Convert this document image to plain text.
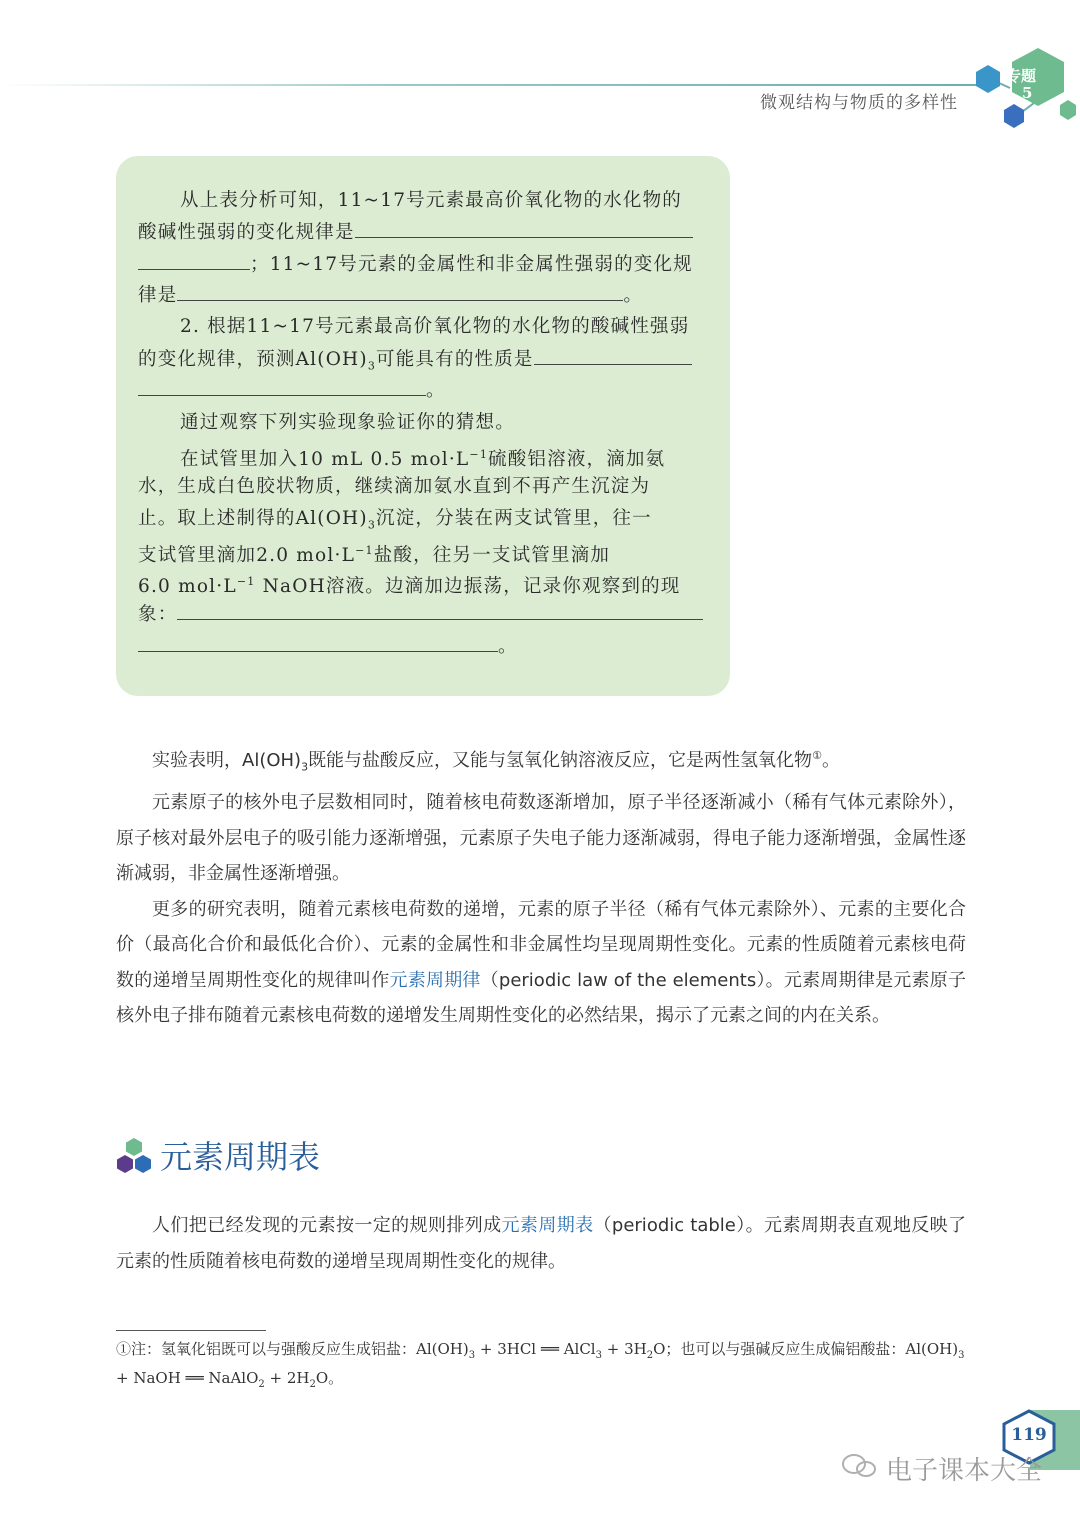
微观结构与物质的多样性
专题
5
从上表分析可知，11~17号元素最高价氧化物的水化物的
酸碱性强弱的变化规律是
；11~17号元素的金属性和非金属性强弱的变化规
律是	。
2. 根据11~17号元素最高价氧化物的水化物的酸碱性强弱
的变化规律，预测$Al(OH)_3$可能具有的性质是
。
通过观察下列实验现象验证你的猜想。
在试管里加入10 mL 0.5 $mol\cdot L^{-1}$硫酸铝溶液，滴加氨
水，生成白色胶状物质，继续滴加氨水直到不再产生沉淀为
止。取上述制得的$Al(OH)_3$沉淀，分装在两支试管里，往一
支试管里滴加2.0 $mol\cdot L^{-1}$盐酸，往另一支试管里滴加
6.0 $mol\cdot L^{-1}$ NaOH溶液。边滴加边振荡，记录你观察到的现
象：
。

实验表明，$Al(OH)_3$既能与盐酸反应，又能与氢氧化钠溶液反应，它是两性氢氧化物①。

元素原子的核外电子层数相同时，随着核电荷数逐渐增加，原子半径逐渐减小（稀有气体元素除外），原子核对最外层电子的吸引能力逐渐增强，元素原子失电子能力逐渐减弱，得电子能力逐渐增强，金属性逐渐减弱，非金属性逐渐增强。

更多的研究表明，随着元素核电荷数的递增，元素的原子半径（稀有气体元素除外）、元素的主要化合价（最高化合价和最低化合价）、元素的金属性和非金属性均呈现周期性变化。元素的性质随着元素核电荷数的递增呈周期性变化的规律叫作元素周期律（periodic law of the elements）。元素周期律是元素原子核外电子排布随着元素核电荷数的递增发生周期性变化的必然结果，揭示了元素之间的内在关系。

元素周期表

人们把已经发现的元素按一定的规则排列成元素周期表（periodic table）。元素周期表直观地反映了元素的性质随着核电荷数的递增呈现周期性变化的规律。

①注：氢氧化铝既可以与强酸反应生成铝盐：$Al(OH)_3 + 3HCl$ ══ AlCl$_3$ + $3H_2O$；也可以与强碱反应生成偏铝酸盐：$Al(OH)_3$ + NaOH ══ NaAlO$_2$ + $2H_2O$。
119
电子课本大全
